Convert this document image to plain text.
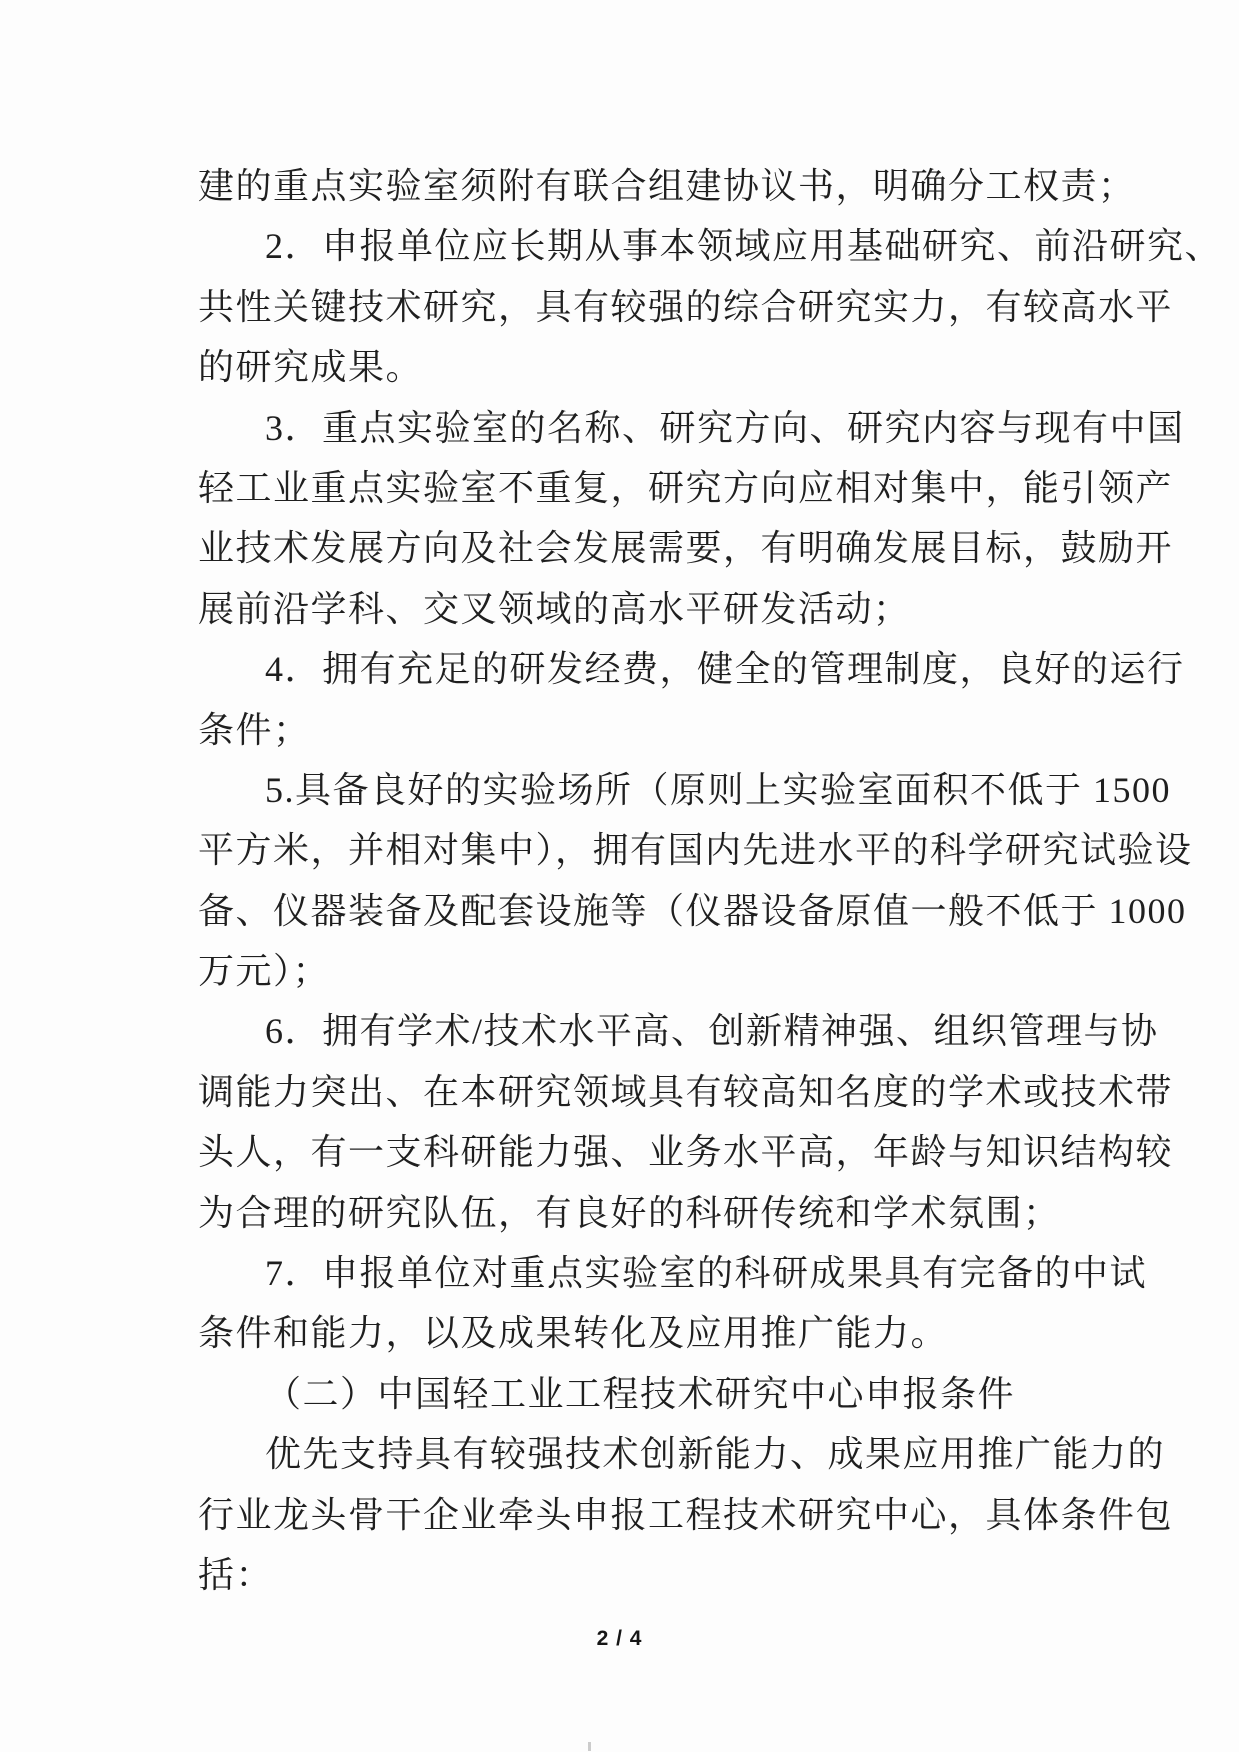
建的重点实验室须附有联合组建协议书，明确分工权责；
2．申报单位应长期从事本领域应用基础研究、前沿研究、
共性关键技术研究，具有较强的综合研究实力，有较高水平
的研究成果。
3．重点实验室的名称、研究方向、研究内容与现有中国
轻工业重点实验室不重复，研究方向应相对集中，能引领产
业技术发展方向及社会发展需要，有明确发展目标，鼓励开
展前沿学科、交叉领域的高水平研发活动；
4．拥有充足的研发经费，健全的管理制度，良好的运行
条件；
5.具备良好的实验场所（原则上实验室面积不低于 1500
平方米，并相对集中），拥有国内先进水平的科学研究试验设
备、仪器装备及配套设施等（仪器设备原值一般不低于 1000
万元）；
6．拥有学术/技术水平高、创新精神强、组织管理与协
调能力突出、在本研究领域具有较高知名度的学术或技术带
头人，有一支科研能力强、业务水平高，年龄与知识结构较
为合理的研究队伍，有良好的科研传统和学术氛围；
7．申报单位对重点实验室的科研成果具有完备的中试
条件和能力，以及成果转化及应用推广能力。
（二）中国轻工业工程技术研究中心申报条件
优先支持具有较强技术创新能力、成果应用推广能力的
行业龙头骨干企业牵头申报工程技术研究中心，具体条件包
括：
2 / 4
